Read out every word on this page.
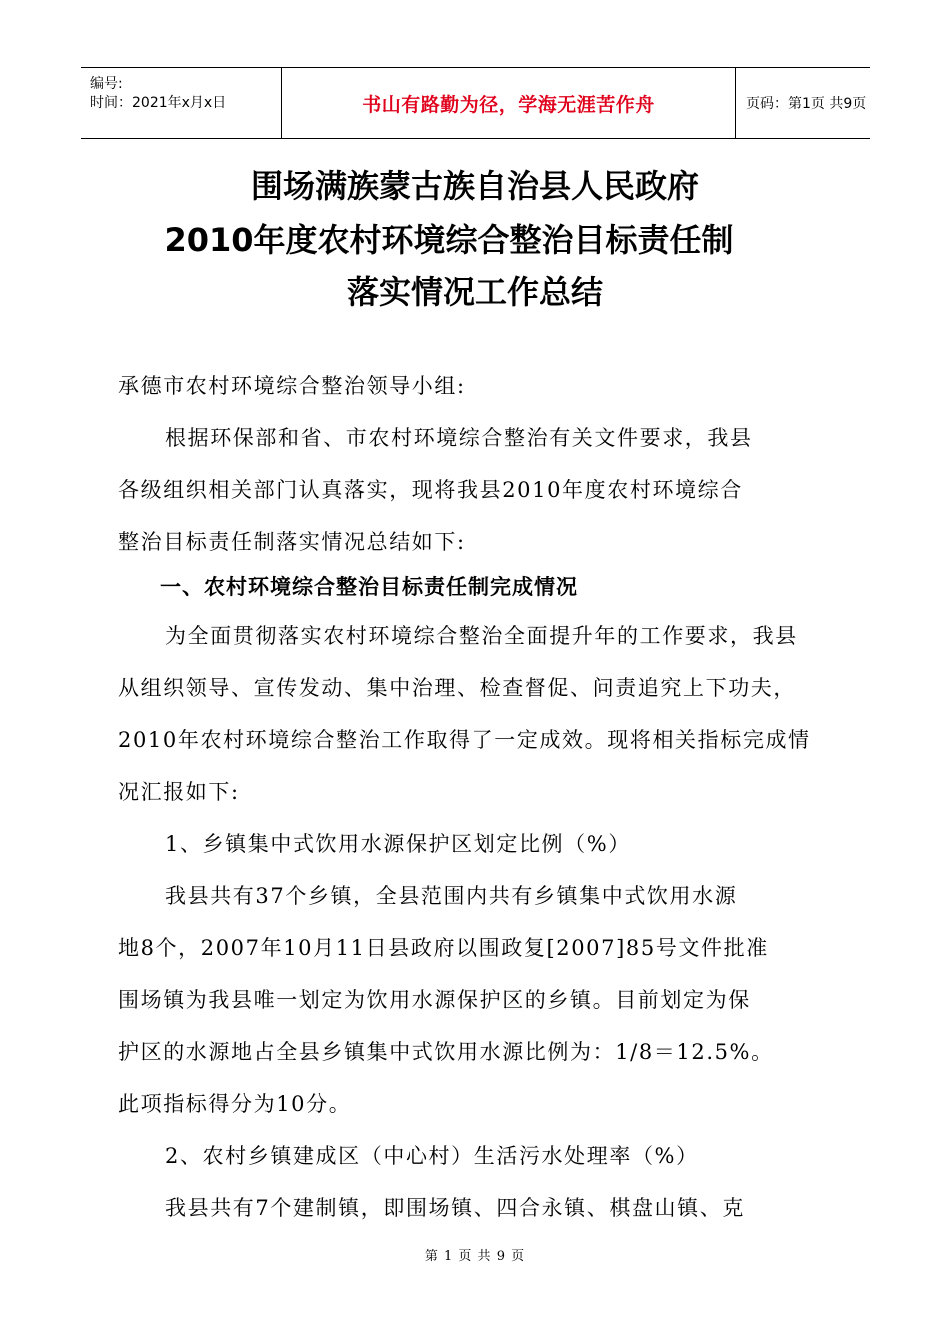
编号:
时间：2021年x月x日	书山有路勤为径，学海无涯苦作舟	页码：第1页 共9页
围场满族蒙古族自治县人民政府
2010年度农村环境综合整治目标责任制
落实情况工作总结

承德市农村环境综合整治领导小组:

根据环保部和省、市农村环境综合整治有关文件要求，我县

各级组织相关部门认真落实，现将我县2010年度农村环境综合

整治目标责任制落实情况总结如下:

一、农村环境综合整治目标责任制完成情况

为全面贯彻落实农村环境综合整治全面提升年的工作要求，我县

从组织领导、宣传发动、集中治理、检查督促、问责追究上下功夫，

2010年农村环境综合整治工作取得了一定成效。现将相关指标完成情

况汇报如下:

1、乡镇集中式饮用水源保护区划定比例（%）

我县共有37个乡镇，全县范围内共有乡镇集中式饮用水源

地8个，2007年10月11日县政府以围政复[2007]85号文件批准

围场镇为我县唯一划定为饮用水源保护区的乡镇。目前划定为保

护区的水源地占全县乡镇集中式饮用水源比例为：1/8＝12.5%。

此项指标得分为10分。

2、农村乡镇建成区（中心村）生活污水处理率（%）

我县共有7个建制镇，即围场镇、四合永镇、棋盘山镇、克

第 1 页 共 9 页
